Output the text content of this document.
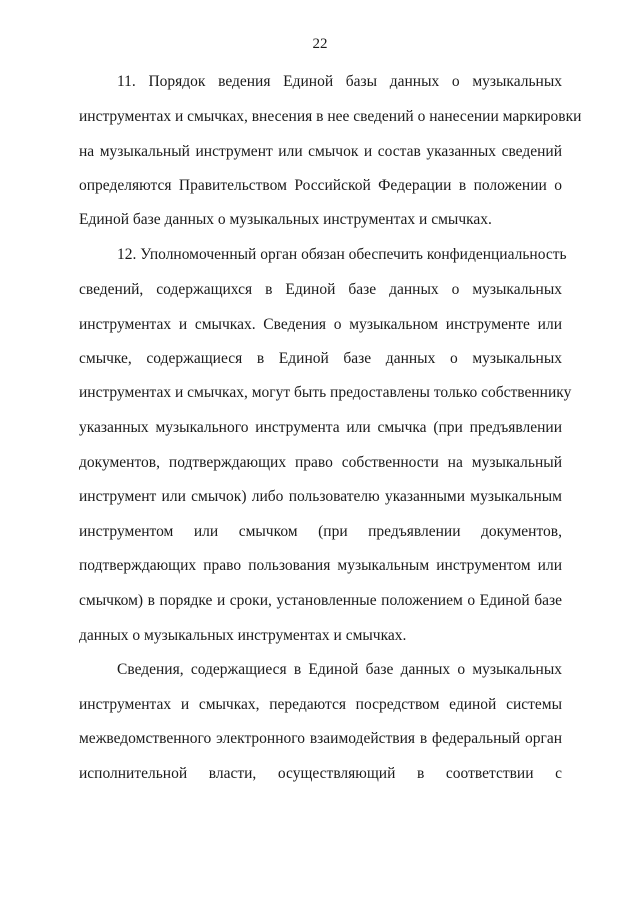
22
11. Порядок ведения Единой базы данных о музыкальных
инструментах и смычках, внесения в нее сведений о нанесении маркировки
на музыкальный инструмент или смычок и состав указанных сведений
определяются Правительством Российской Федерации в положении о
Единой базе данных о музыкальных инструментах и смычках.
12. Уполномоченный орган обязан обеспечить конфиденциальность
сведений, содержащихся в Единой базе данных о музыкальных
инструментах и смычках. Сведения о музыкальном инструменте или
смычке, содержащиеся в Единой базе данных о музыкальных
инструментах и смычках, могут быть предоставлены только собственнику
указанных музыкального инструмента или смычка (при предъявлении
документов, подтверждающих право собственности на музыкальный
инструмент или смычок) либо пользователю указанными музыкальным
инструментом или смычком (при предъявлении документов,
подтверждающих право пользования музыкальным инструментом или
смычком) в порядке и сроки, установленные положением о Единой базе
данных о музыкальных инструментах и смычках.
Сведения, содержащиеся в Единой базе данных о музыкальных
инструментах и смычках, передаются посредством единой системы
межведомственного электронного взаимодействия в федеральный орган
исполнительной власти, осуществляющий в соответствии с
